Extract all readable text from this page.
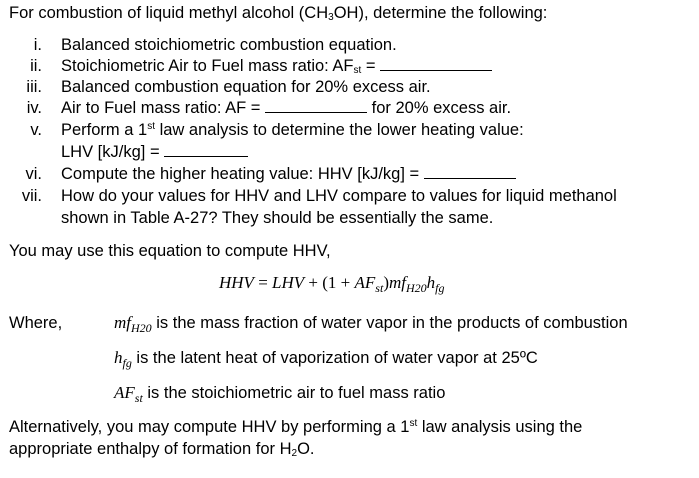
For combustion of liquid methyl alcohol $(CH_3OH)$, determine the following:
i. Balanced stoichiometric combustion equation.
ii. Stoichiometric Air to Fuel mass ratio: $AF_{st}$ =
iii. Balanced combustion equation for 20% excess air.
iv. Air to Fuel mass ratio: AF =	for 20% excess air.
v. Perform a 1st law analysis to determine the lower heating value:
LHV [kJ/kg] =
vi. Compute the higher heating value: HHV [kJ/kg] =
vii. How do your values for HHV and LHV compare to values for liquid methanol
shown in Table A-27? They should be essentially the same.
You may use this equation to compute HHV,
HHV = LHV + $(1 + AF_{st})mf_{H20}h_{fg}$
Where,	$mf_{H20}$ is the mass fraction of water vapor in the products of combustion
$h_{fg}$ is the latent heat of vaporization of water vapor at 25ºC
$AF_{st}$ is the stoichiometric air to fuel mass ratio
Alternatively, you may compute HHV by performing a 1st law analysis using the
appropriate enthalpy of formation for $H_2O$.
